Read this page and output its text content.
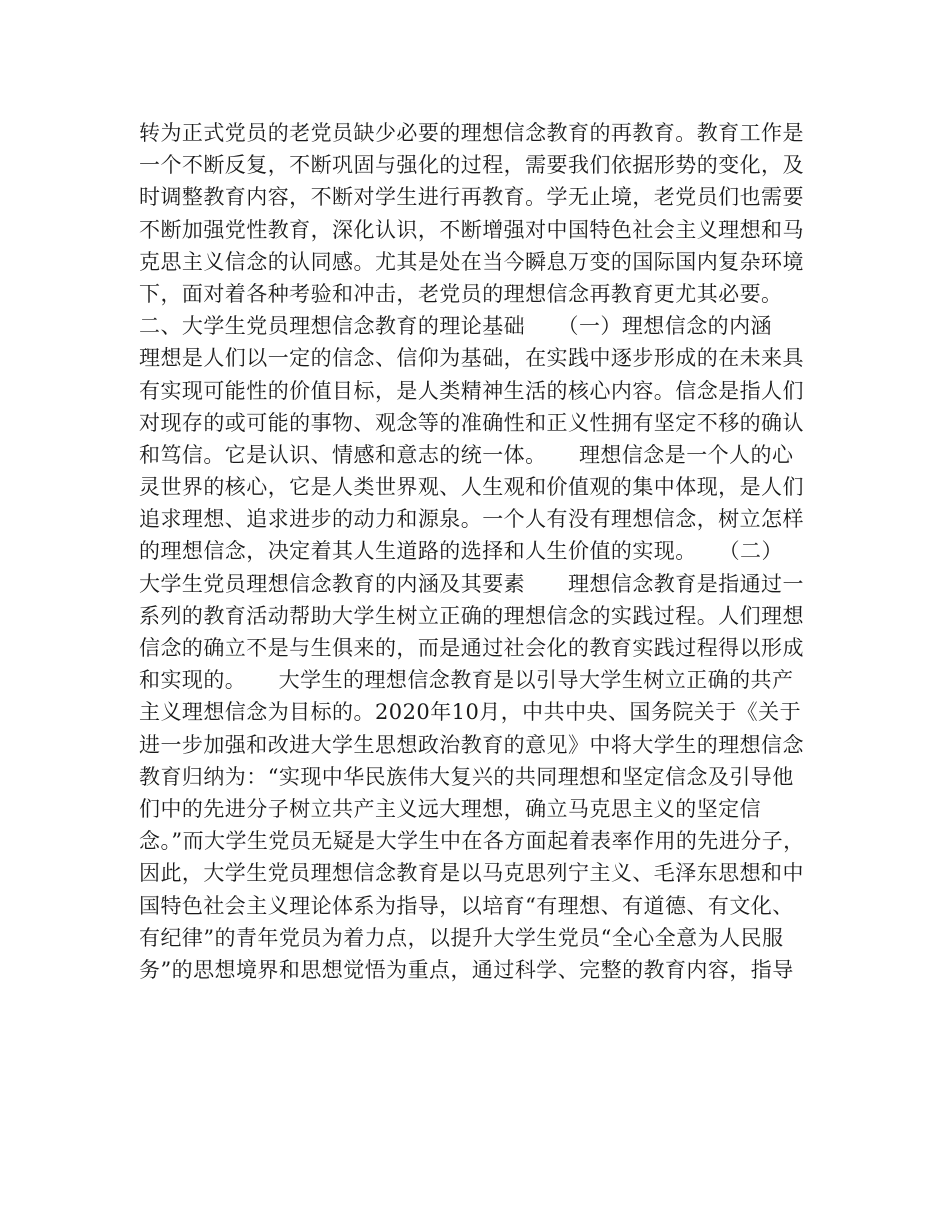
转为正式党员的老党员缺少必要的理想信念教育的再教育。教育工作是
一个不断反复，不断巩固与强化的过程，需要我们依据形势的变化，及
时调整教育内容，不断对学生进行再教育。学无止境，老党员们也需要
不断加强党性教育，深化认识，不断增强对中国特色社会主义理想和马
克思主义信念的认同感。尤其是处在当今瞬息万变的国际国内复杂环境
下，面对着各种考验和冲击，老党员的理想信念再教育更尤其必要。
二、大学生党员理想信念教育的理论基础　　（一）理想信念的内涵
理想是人们以一定的信念、信仰为基础，在实践中逐步形成的在未来具
有实现可能性的价值目标，是人类精神生活的核心内容。信念是指人们
对现存的或可能的事物、观念等的准确性和正义性拥有坚定不移的确认
和笃信。它是认识、情感和意志的统一体。　　理想信念是一个人的心
灵世界的核心，它是人类世界观、人生观和价值观的集中体现，是人们
追求理想、追求进步的动力和源泉。一个人有没有理想信念，树立怎样
的理想信念，决定着其人生道路的选择和人生价值的实现。　　（二）
大学生党员理想信念教育的内涵及其要素　　理想信念教育是指通过一
系列的教育活动帮助大学生树立正确的理想信念的实践过程。人们理想
信念的确立不是与生俱来的，而是通过社会化的教育实践过程得以形成
和实现的。　　大学生的理想信念教育是以引导大学生树立正确的共产
主义理想信念为目标的。2020年10月，中共中央、国务院关于《关于
进一步加强和改进大学生思想政治教育的意见》中将大学生的理想信念
教育归纳为：“实现中华民族伟大复兴的共同理想和坚定信念及引导他
们中的先进分子树立共产主义远大理想，确立马克思主义的坚定信
念。”而大学生党员无疑是大学生中在各方面起着表率作用的先进分子，
因此，大学生党员理想信念教育是以马克思列宁主义、毛泽东思想和中
国特色社会主义理论体系为指导，以培育“有理想、有道德、有文化、
有纪律”的青年党员为着力点，以提升大学生党员“全心全意为人民服
务”的思想境界和思想觉悟为重点，通过科学、完整的教育内容，指导
